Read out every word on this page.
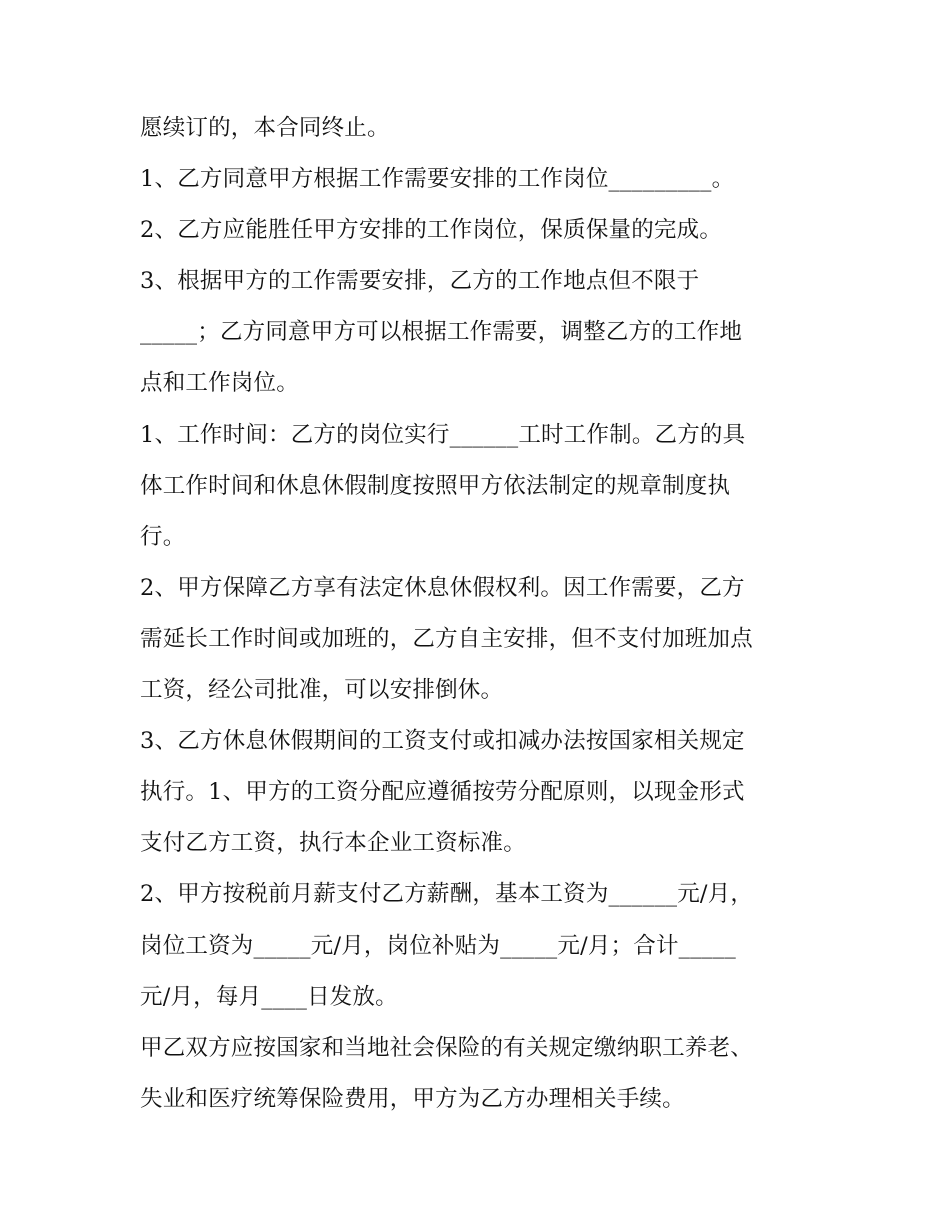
愿续订的，本合同终止。
1、乙方同意甲方根据工作需要安排的工作岗位_________。
2、乙方应能胜任甲方安排的工作岗位，保质保量的完成。
3、根据甲方的工作需要安排，乙方的工作地点但不限于
_____；乙方同意甲方可以根据工作需要，调整乙方的工作地
点和工作岗位。
1、工作时间：乙方的岗位实行______工时工作制。乙方的具
体工作时间和休息休假制度按照甲方依法制定的规章制度执
行。
2、甲方保障乙方享有法定休息休假权利。因工作需要，乙方
需延长工作时间或加班的，乙方自主安排，但不支付加班加点
工资，经公司批准，可以安排倒休。
3、乙方休息休假期间的工资支付或扣减办法按国家相关规定
执行。1、甲方的工资分配应遵循按劳分配原则，以现金形式
支付乙方工资，执行本企业工资标准。
2、甲方按税前月薪支付乙方薪酬，基本工资为______元/月，
岗位工资为_____元/月，岗位补贴为_____元/月；合计_____
元/月，每月____日发放。
甲乙双方应按国家和当地社会保险的有关规定缴纳职工养老、
失业和医疗统筹保险费用，甲方为乙方办理相关手续。
